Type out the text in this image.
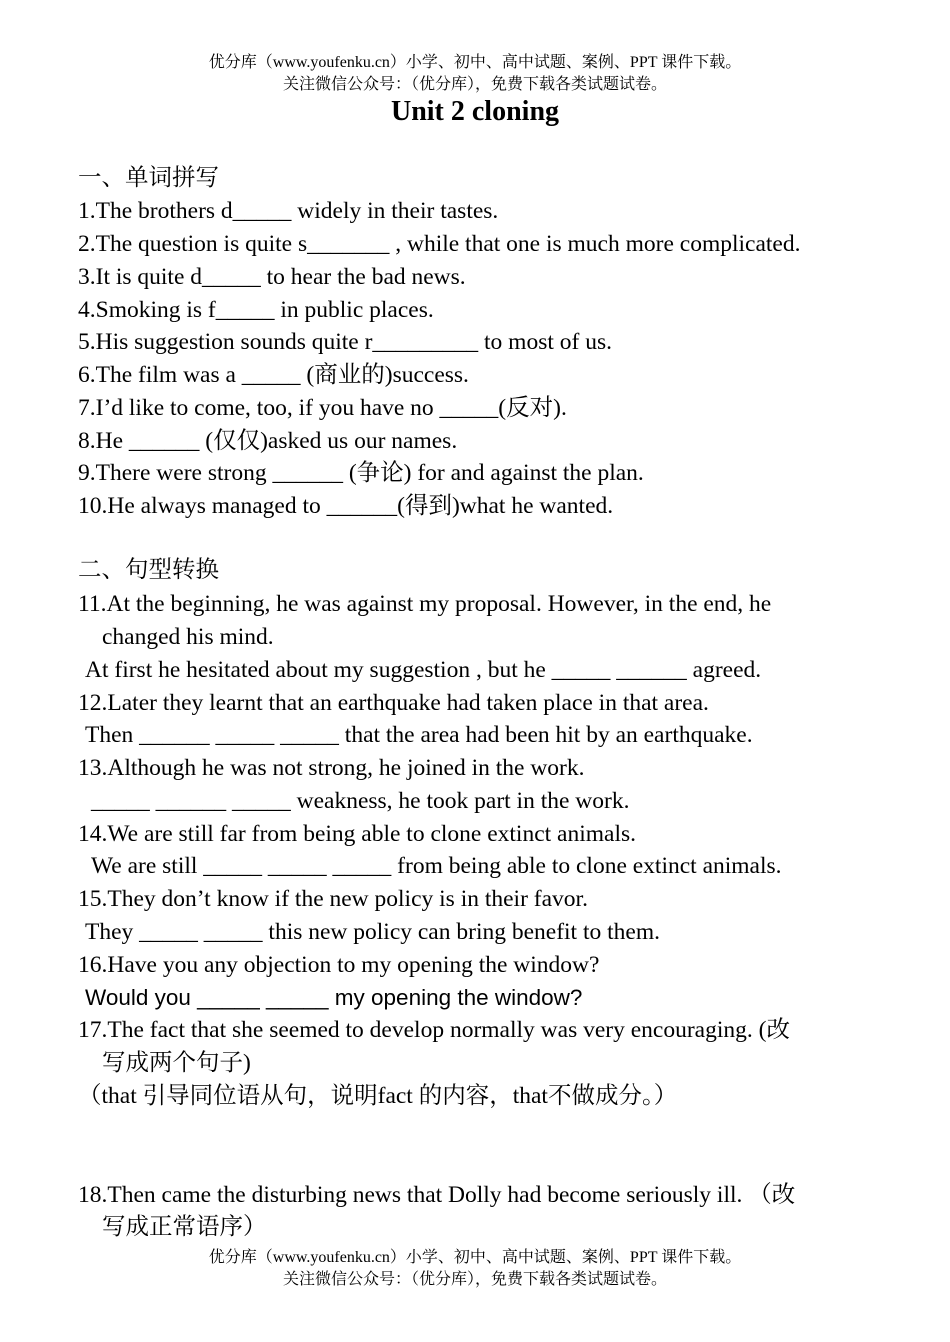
优分库（www.youfenku.cn）小学、初中、高中试题、案例、PPT 课件下载。
关注微信公众号：（优分库），免费下载各类试题试卷。
Unit 2 cloning
一、单词拼写
1.The brothers d_____ widely in their tastes.
2.The question is quite s_______ , while that one is much more complicated.
3.It is quite d_____ to hear the bad news.
4.Smoking is f_____ in public places.
5.His suggestion sounds quite r_________ to most of us.
6.The film was a _____ (商业的)success.
7.I’d like to come, too, if you have no _____(反对).
8.He ______ (仅仅)asked us our names.
9.There were strong ______ (争论) for and against the plan.
10.He always managed to ______(得到)what he wanted.
二、句型转换
11.At the beginning, he was against my proposal. However, in the end, he
changed his mind.
At first he hesitated about my suggestion , but he _____ ______ agreed.
12.Later they learnt that an earthquake had taken place in that area.
Then ______ _____ _____ that the area had been hit by an earthquake.
13.Although he was not strong, he joined in the work.
_____ ______ _____ weakness, he took part in the work.
14.We are still far from being able to clone extinct animals.
We are still _____ _____ _____ from being able to clone extinct animals.
15.They don’t know if the new policy is in their favor.
They _____ _____ this new policy can bring benefit to them.
16.Have you any objection to my opening the window?
Would you _____ _____ my opening the window?
17.The fact that she seemed to develop normally was very encouraging. (改
写成两个句子)
（that 引导同位语从句，说明fact 的内容，that不做成分。）
18.Then came the disturbing news that Dolly had become seriously ill. （改
写成正常语序）
优分库（www.youfenku.cn）小学、初中、高中试题、案例、PPT 课件下载。
关注微信公众号：（优分库），免费下载各类试题试卷。
